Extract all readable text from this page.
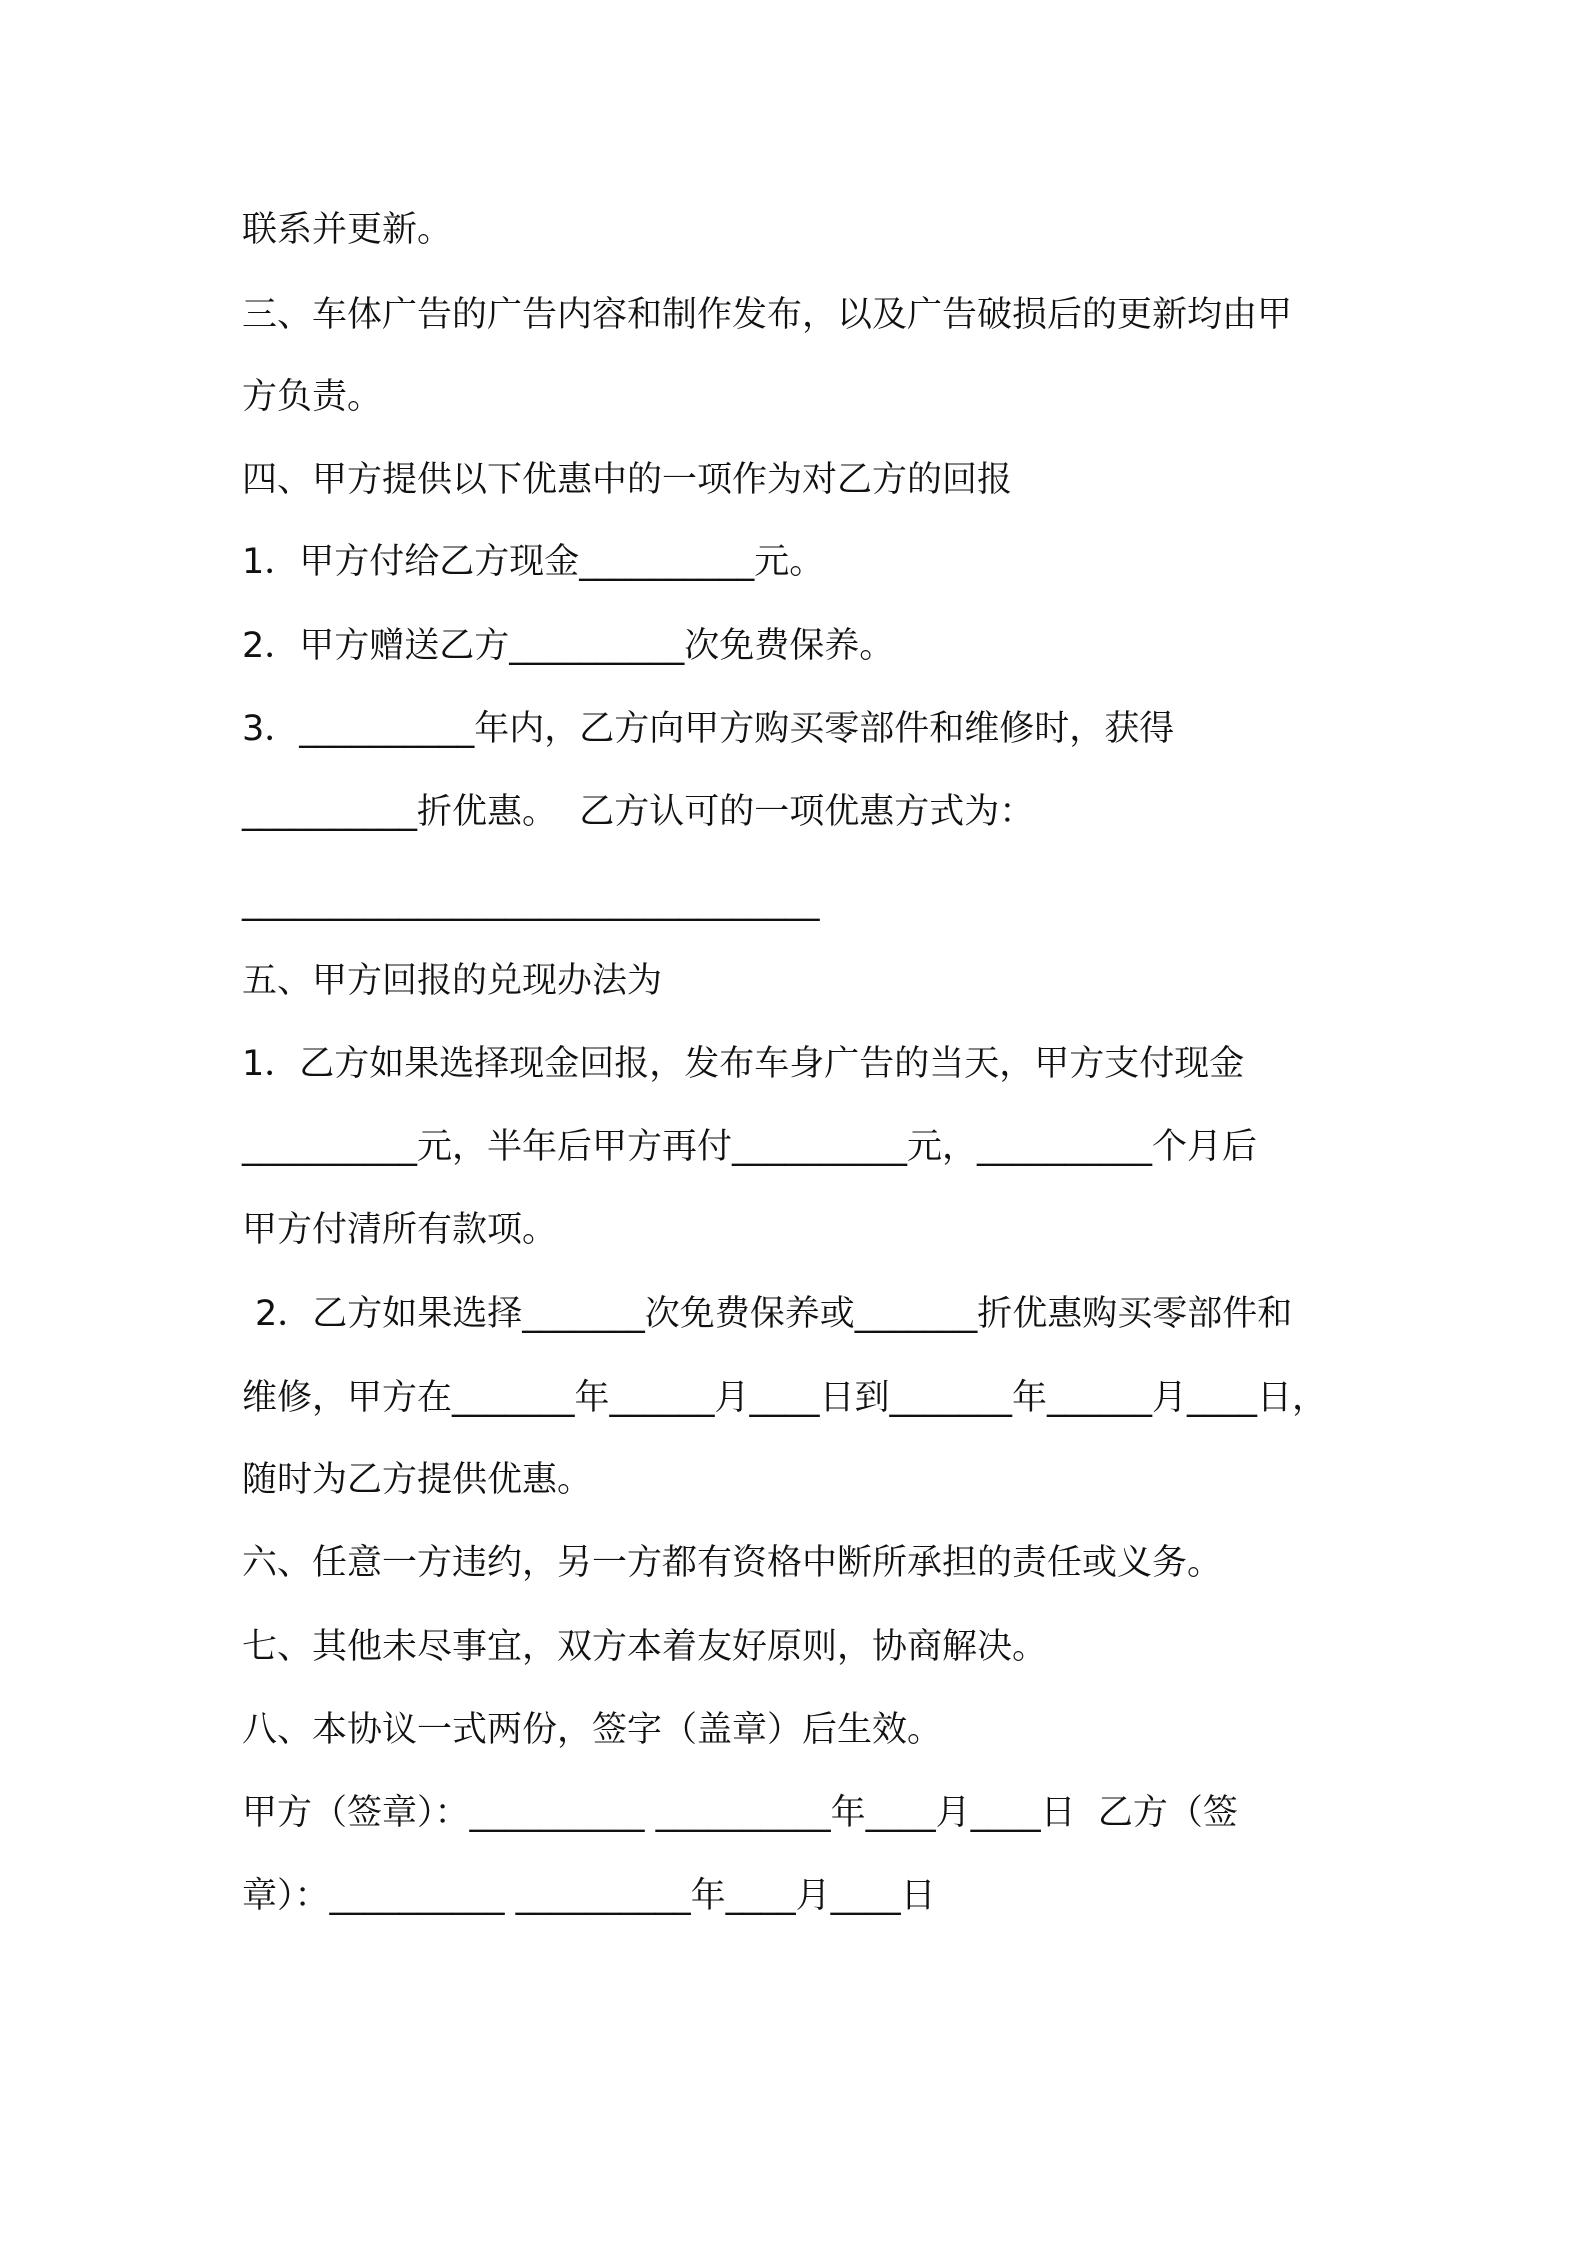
联系并更新。
三、车体广告的广告内容和制作发布，以及广告破损后的更新均由甲
方负责。
四、甲方提供以下优惠中的一项作为对乙方的回报
1．甲方付给乙方现金__________元。
2．甲方赠送乙方__________次免费保养。
3．__________年内，乙方向甲方购买零部件和维修时，获得
__________折优惠。  乙方认可的一项优惠方式为：
_________________________________
五、甲方回报的兑现办法为
1．乙方如果选择现金回报，发布车身广告的当天，甲方支付现金
__________元，半年后甲方再付__________元，__________个月后
甲方付清所有款项。
2．乙方如果选择_______次免费保养或_______折优惠购买零部件和
维修，甲方在_______年______月____日到_______年______月____日，
随时为乙方提供优惠。
六、任意一方违约，另一方都有资格中断所承担的责任或义务。
七、其他未尽事宜，双方本着友好原则，协商解决。
八、本协议一式两份，签字（盖章）后生效。
甲方（签章）：__________ __________年____月____日  乙方（签
章）：__________ __________年____月____日
